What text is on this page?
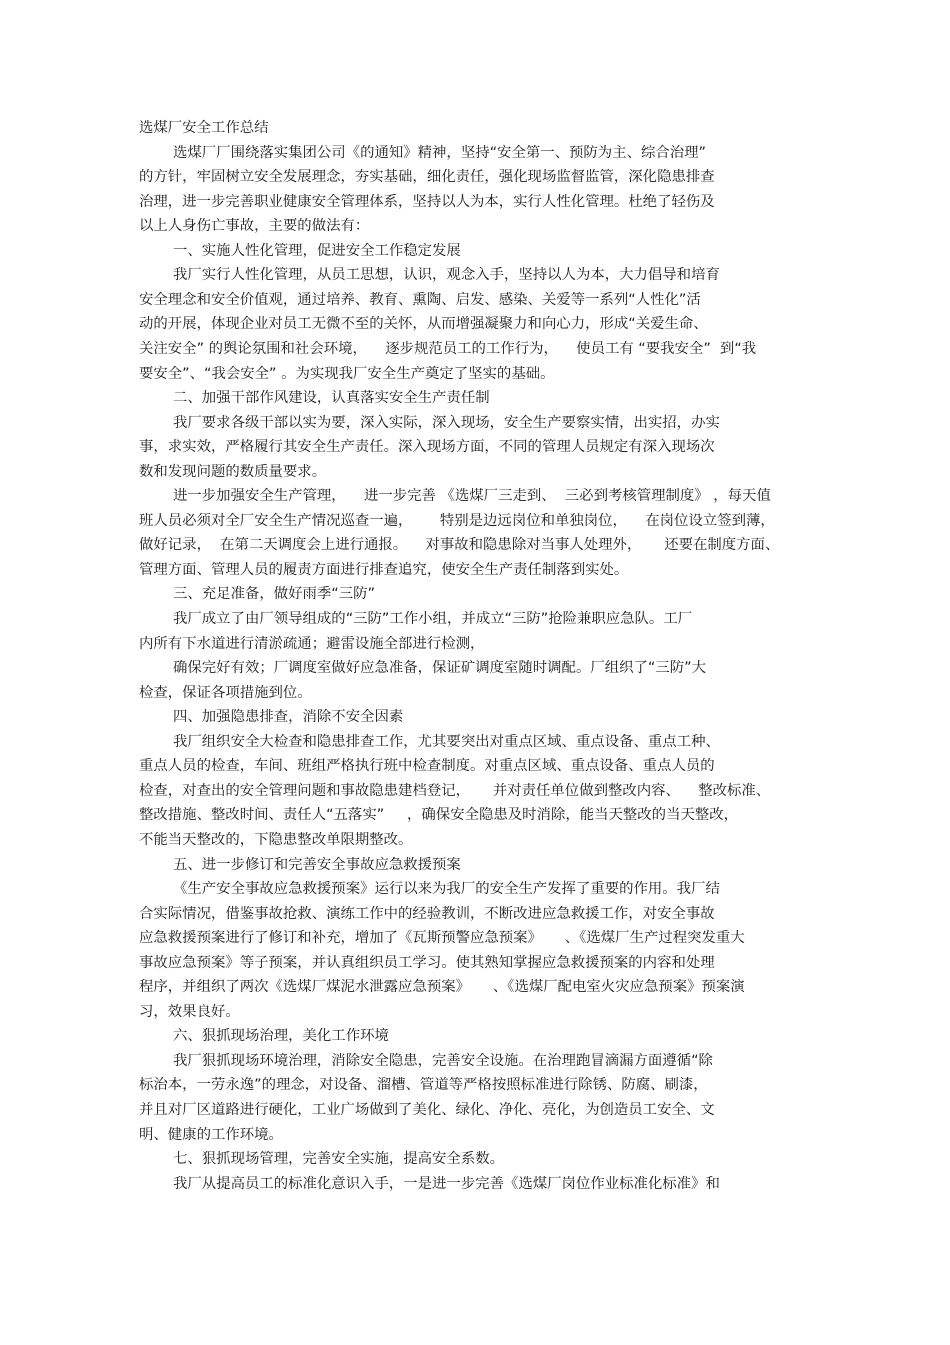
选煤厂安全工作总结
选煤厂厂围绕落实集团公司《的通知》精神，坚持“安全第一、预防为主、综合治理”
的方针，牢固树立安全发展理念，夯实基础，细化责任，强化现场监督监管，深化隐患排查
治理，进一步完善职业健康安全管理体系，坚持以人为本，实行人性化管理。杜绝了轻伤及
以上人身伤亡事故，主要的做法有：
一、实施人性化管理，促进安全工作稳定发展
我厂实行人性化管理，从员工思想，认识，观念入手，坚持以人为本，大力倡导和培育
安全理念和安全价值观，通过培养、教育、熏陶、启发、感染、关爱等一系列“人性化”活
动的开展，体现企业对员工无微不至的关怀，从而增强凝聚力和向心力，形成“关爱生命、
关注安全” 的舆论氛围和社会环境，    逐步规范员工的工作行为，    使员工有 “要我安全”  到“我
要安全”、“我会安全” 。为实现我厂安全生产奠定了坚实的基础。
二、加强干部作风建设，认真落实安全生产责任制
我厂要求各级干部以实为要，深入实际，深入现场，安全生产要察实情，出实招，办实
事，求实效，严格履行其安全生产责任。深入现场方面，不同的管理人员规定有深入现场次
数和发现问题的数质量要求。
进一步加强安全生产管理，    进一步完善 《选煤厂三走到、  三必到考核管理制度》 ，每天值
班人员必须对全厂安全生产情况巡查一遍，      特别是边远岗位和单独岗位，    在岗位设立签到薄，
做好记录，  在第二天调度会上进行通报。    对事故和隐患除对当事人处理外，     还要在制度方面、
管理方面、管理人员的履责方面进行排查追究，使安全生产责任制落到实处。
三、充足准备，做好雨季“三防”
我厂成立了由厂领导组成的“三防”工作小组，并成立“三防”抢险兼职应急队。工厂
内所有下水道进行清淤疏通；避雷设施全部进行检测，
确保完好有效；厂调度室做好应急准备，保证矿调度室随时调配。厂组织了“三防”大
检查，保证各项措施到位。
四、加强隐患排查，消除不安全因素
我厂组织安全大检查和隐患排查工作，尤其要突出对重点区域、重点设备、重点工种、
重点人员的检查，车间、班组严格执行班中检查制度。对重点区域、重点设备、重点人员的
检查，对查出的安全管理问题和事故隐患建档登记，     并对责任单位做到整改内容、    整改标准、
整改措施、整改时间、责任人“五落实”     ，确保安全隐患及时消除，能当天整改的当天整改，
不能当天整改的，下隐患整改单限期整改。
五、进一步修订和完善安全事故应急救援预案
《生产安全事故应急救援预案》运行以来为我厂的安全生产发挥了重要的作用。我厂结
合实际情况，借鉴事故抢救、演练工作中的经验教训，不断改进应急救援工作，对安全事故
应急救援预案进行了修订和补充，增加了《瓦斯预警应急预案》     、《选煤厂生产过程突发重大
事故应急预案》等子预案，并认真组织员工学习。使其熟知掌握应急救援预案的内容和处理
程序，并组织了两次《选煤厂煤泥水泄露应急预案》     、《选煤厂配电室火灾应急预案》预案演
习，效果良好。
六、狠抓现场治理，美化工作环境
我厂狠抓现场环境治理，消除安全隐患，完善安全设施。在治理跑冒滴漏方面遵循“除
标治本，一劳永逸”的理念，对设备、溜槽、管道等严格按照标准进行除锈、防腐、刷漆，
并且对厂区道路进行硬化，工业广场做到了美化、绿化、净化、亮化，为创造员工安全、文
明、健康的工作环境。
七、狠抓现场管理，完善安全实施，提高安全系数。
我厂从提高员工的标准化意识入手，一是进一步完善《选煤厂岗位作业标准化标准》和
